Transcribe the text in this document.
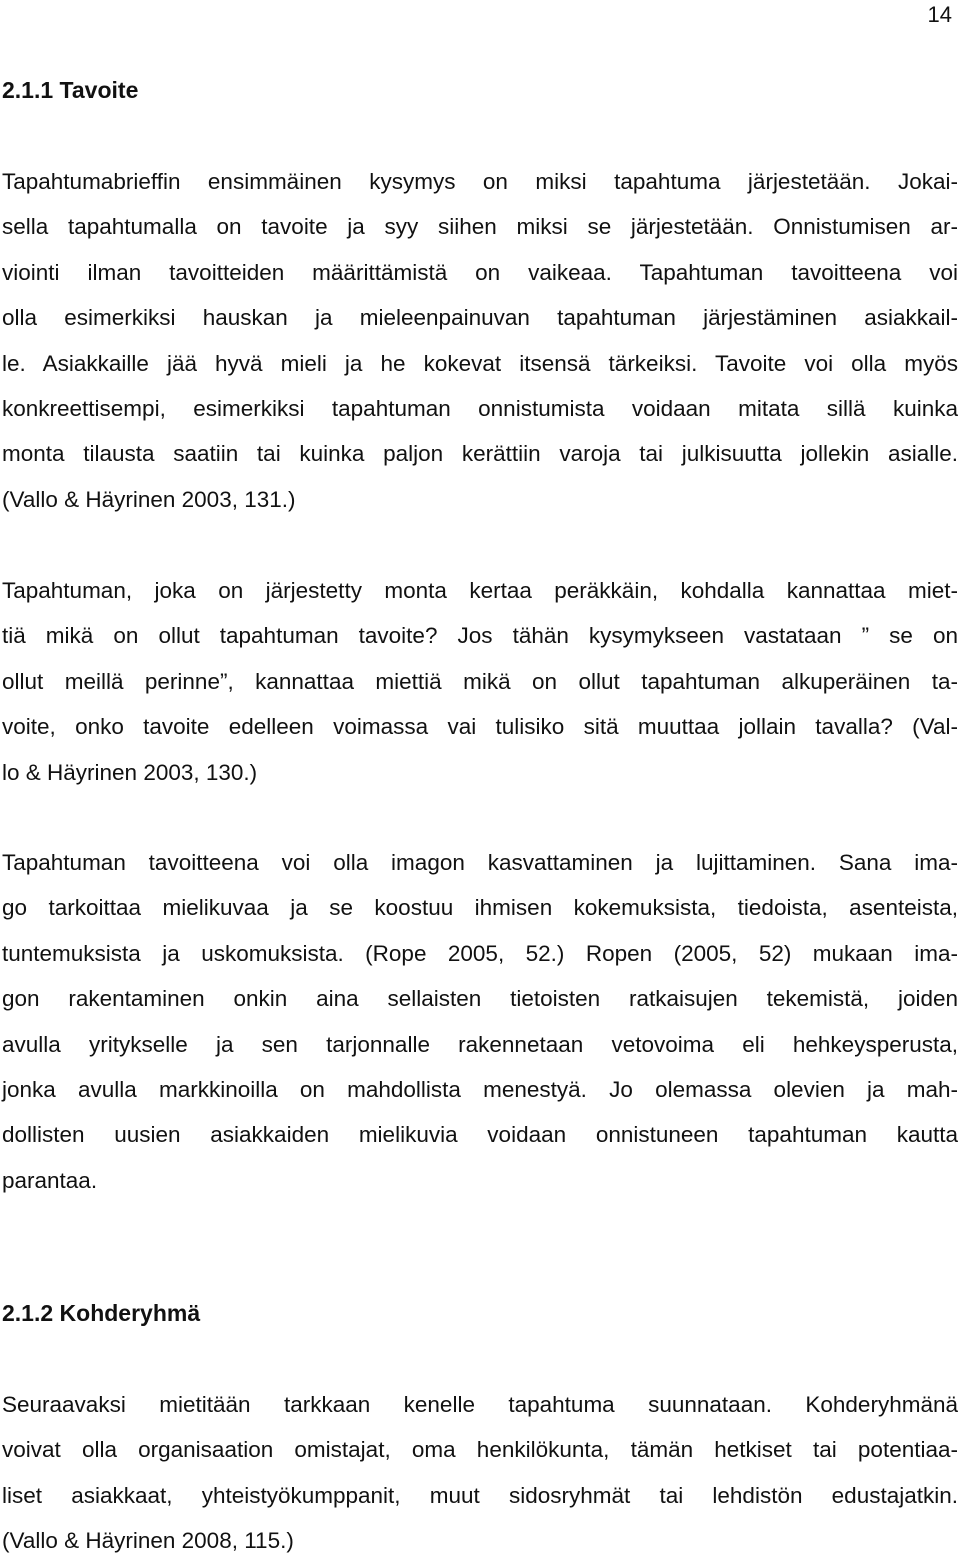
14
2.1.1 Tavoite

Tapahtumabrieffin ensimmäinen kysymys on miksi tapahtuma järjestetään. Jokai-
sella tapahtumalla on tavoite ja syy siihen miksi se järjestetään. Onnistumisen ar-
viointi ilman tavoitteiden määrittämistä on vaikeaa. Tapahtuman tavoitteena voi
olla esimerkiksi hauskan ja mieleenpainuvan tapahtuman järjestäminen asiakkail-
le. Asiakkaille jää hyvä mieli ja he kokevat itsensä tärkeiksi. Tavoite voi olla myös
konkreettisempi, esimerkiksi tapahtuman onnistumista voidaan mitata sillä kuinka
monta tilausta saatiin tai kuinka paljon kerättiin varoja tai julkisuutta jollekin asialle.
(Vallo & Häyrinen 2003, 131.)

Tapahtuman, joka on järjestetty monta kertaa peräkkäin, kohdalla kannattaa miet-
tiä mikä on ollut tapahtuman tavoite? Jos tähän kysymykseen vastataan ” se on
ollut meillä perinne”, kannattaa miettiä mikä on ollut tapahtuman alkuperäinen ta-
voite, onko tavoite edelleen voimassa vai tulisiko sitä muuttaa jollain tavalla? (Val-
lo & Häyrinen 2003, 130.)

Tapahtuman tavoitteena voi olla imagon kasvattaminen ja lujittaminen. Sana ima-
go tarkoittaa mielikuvaa ja se koostuu ihmisen kokemuksista, tiedoista, asenteista,
tuntemuksista ja uskomuksista. (Rope 2005, 52.) Ropen (2005, 52) mukaan ima-
gon rakentaminen onkin aina sellaisten tietoisten ratkaisujen tekemistä, joiden
avulla yritykselle ja sen tarjonnalle rakennetaan vetovoima eli hehkeysperusta,
jonka avulla markkinoilla on mahdollista menestyä. Jo olemassa olevien ja mah-
dollisten uusien asiakkaiden mielikuvia voidaan onnistuneen tapahtuman kautta
parantaa.

2.1.2 Kohderyhmä

Seuraavaksi mietitään tarkkaan kenelle tapahtuma suunnataan. Kohderyhmänä
voivat olla organisaation omistajat, oma henkilökunta, tämän hetkiset tai potentiaa-
liset asiakkaat, yhteistyökumppanit, muut sidosryhmät tai lehdistön edustajatkin.
(Vallo & Häyrinen 2008, 115.)
